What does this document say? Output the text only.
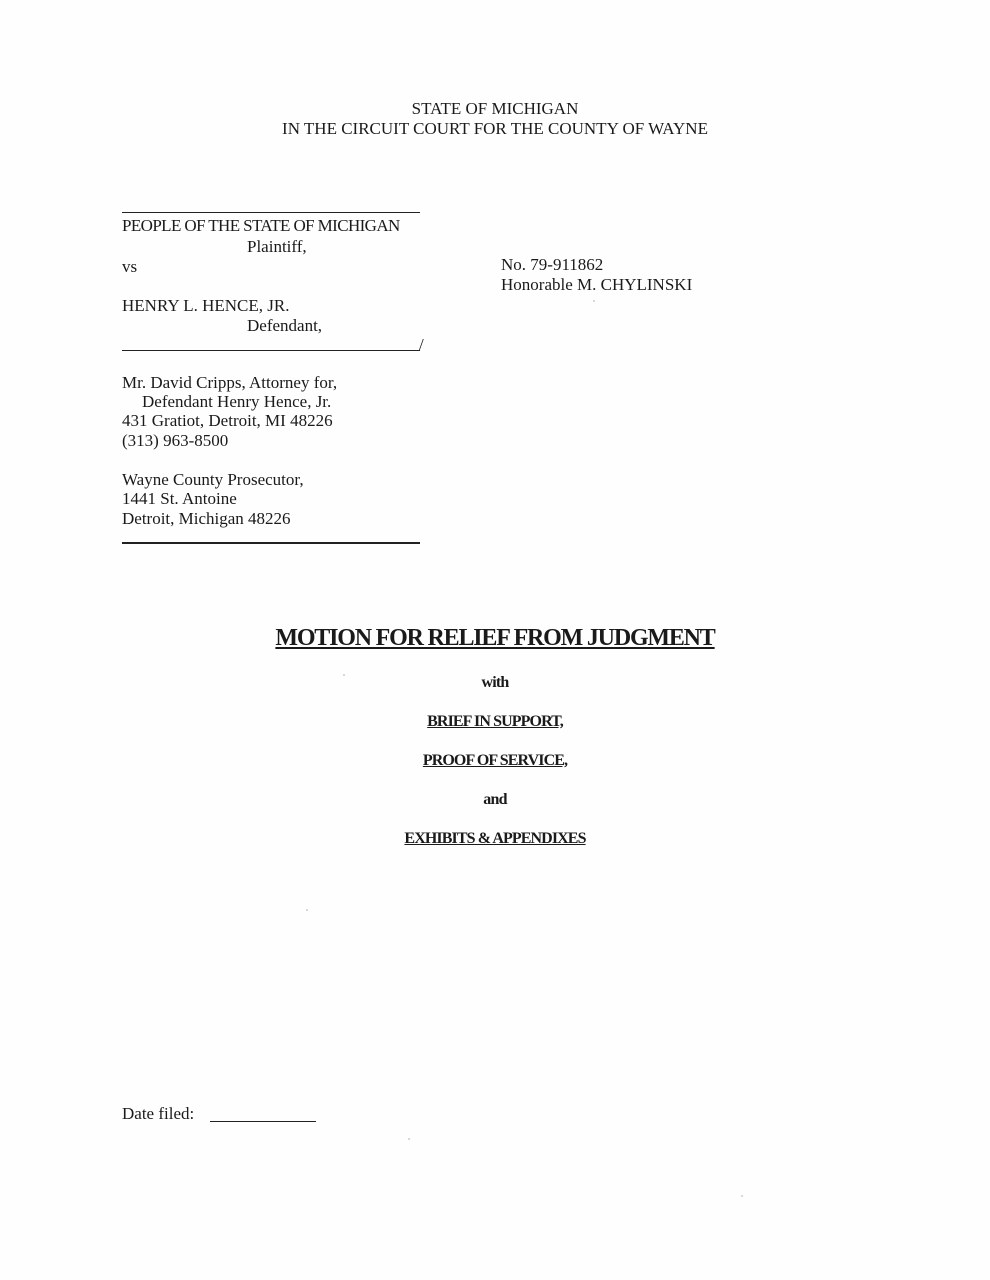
STATE OF MICHIGAN
IN THE CIRCUIT COURT FOR THE COUNTY OF WAYNE
PEOPLE OF THE STATE OF MICHIGAN
Plaintiff,
vs
HENRY L. HENCE, JR.
Defendant,
/
No. 79-911862
Honorable M. CHYLINSKI
Mr. David Cripps, Attorney for,
Defendant Henry Hence, Jr.
431 Gratiot, Detroit, MI 48226
(313) 963-8500
Wayne County Prosecutor,
1441 St. Antoine
Detroit, Michigan 48226
MOTION FOR RELIEF FROM JUDGMENT
with
BRIEF IN SUPPORT,
PROOF OF SERVICE,
and
EXHIBITS & APPENDIXES
Date filed:
